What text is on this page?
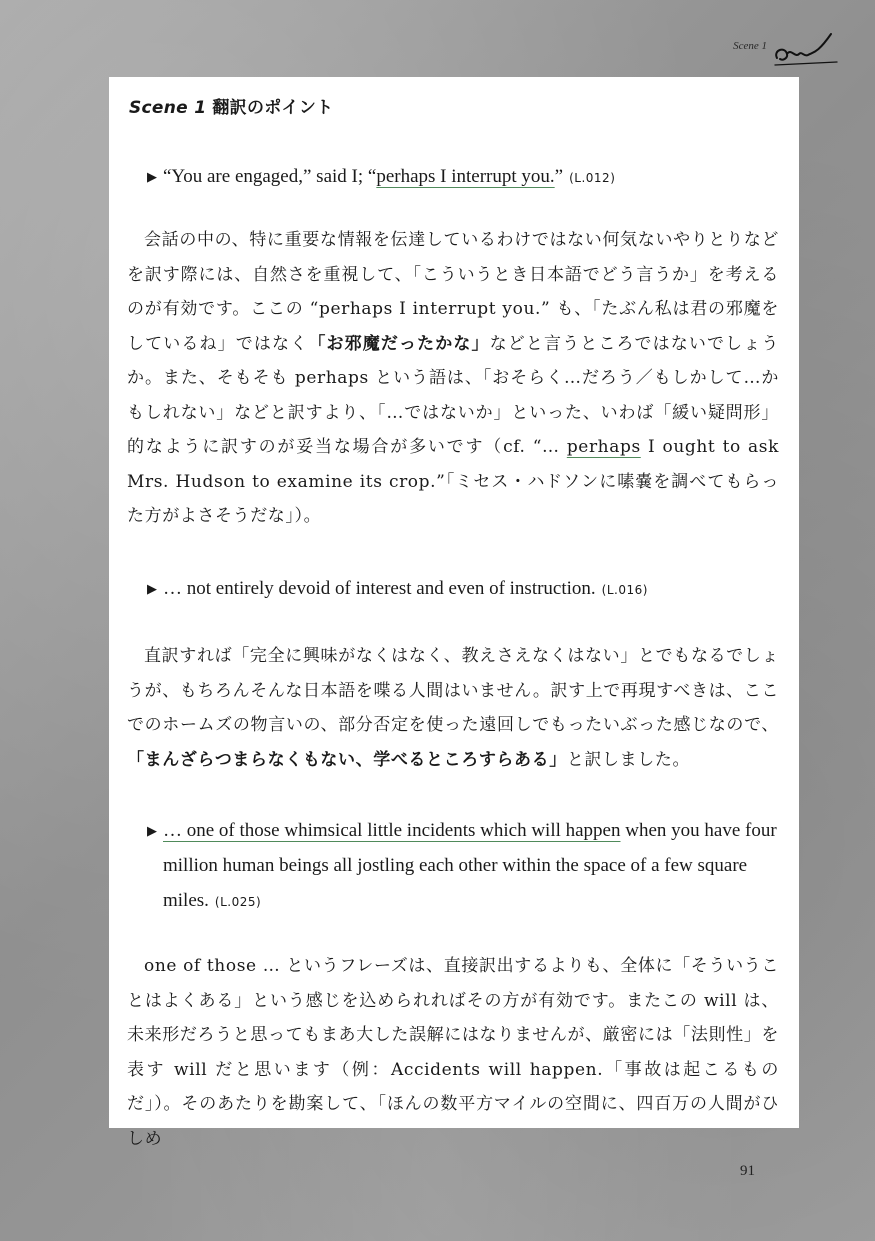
Scene 1
Scene 1 翻訳のポイント
▶ “You are engaged,” said I; “perhaps I interrupt you.” (L.012)

会話の中の、特に重要な情報を伝達しているわけではない何気ないやりとりなどを訳す際には、自然さを重視して、「こういうとき日本語でどう言うか」を考えるのが有効です。ここの “perhaps I interrupt you.” も、「たぶん私は君の邪魔をしているね」ではなく「お邪魔だったかな」などと言うところではないでしょうか。また、そもそも perhaps という語は、「おそらく…だろう／もしかして…かもしれない」などと訳すより、「…ではないか」といった、いわば「緩い疑問形」的なように訳すのが妥当な場合が多いです（cf. “… perhaps I ought to ask Mrs. Hudson to examine its crop.”「ミセス・ハドソンに嗉嚢を調べてもらった方がよさそうだな」）。

▶ … not entirely devoid of interest and even of instruction. (L.016)

直訳すれば「完全に興味がなくはなく、教えさえなくはない」とでもなるでしょうが、もちろんそんな日本語を喋る人間はいません。訳す上で再現すべきは、ここでのホームズの物言いの、部分否定を使った遠回しでもったいぶった感じなので、「まんざらつまらなくもない、学べるところすらある」と訳しました。

▶ … one of those whimsical little incidents which will happen when you have four million human beings all jostling each other within the space of a few square miles. (L.025)

one of those … というフレーズは、直接訳出するよりも、全体に「そういうことはよくある」という感じを込められればその方が有効です。またこの will は、未来形だろうと思ってもまあ大した誤解にはなりませんが、厳密には「法則性」を表す will だと思います（例：Accidents will happen.「事故は起こるものだ」）。そのあたりを勘案して、「ほんの数平方マイルの空間に、四百万の人間がひしめ

91
